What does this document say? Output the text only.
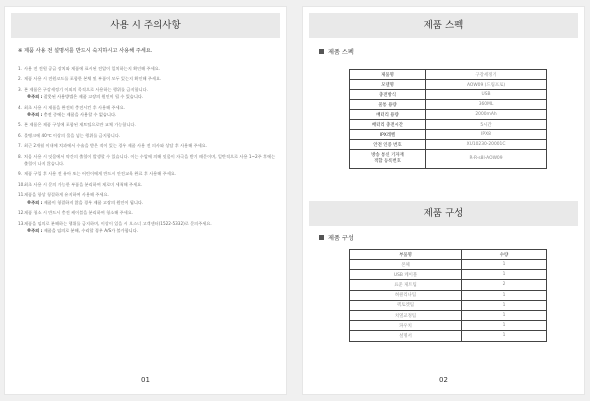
사용 시 주의사항
※ 제품 사용 전 설명서를 반드시 숙지하시고 사용해 주세요.
1. 사용 전 전원 공급 장치와 제품에 표시된 전압이 일치하는지 확인해 주세요.
2. 제품 사용 시 전원코드를 포함한 본체 및 부품이 모두 있는지 확인해 주세요.
3. 본 제품은 구강세정기 이외의 목적으로 사용하는 행위를 금지합니다.
※주의 : 잘못된 사용방법은 제품 고장의 원인이 될 수 있습니다.
4. 최초 사용 시 제품을 완전히 충전시킨 후 사용해 주세요.
※주의 : 충전 중에는 제품을 사용할 수 없습니다.
5. 본 제품은 제품 구성에 포함된 제트팁으로만 교체 가능합니다.
6. 물탱크에 40℃ 이상의 물을 넣는 행위를 금지합니다.
7. 최근 2개월 이내에 치과에서 수술을 받은 적이 있는 경우 제품 사용 전 의사와 상담 후 사용해 주세요.
8. 처음 사용 시 잇몸에서 약간의 출혈이 발생할 수 있습니다. 이는 수압에 의해 잇몸이 자극을 받기 때문이며, 일반적으로 사용 1~2주 후에는 출혈이 나지 않습니다.
9. 제품 구입 후 사용 전 유아 또는 어린이에게 반드시 안전교육 완료 후 사용해 주세요.
10. 최초 사용 시 문의 가능한 부품을 분리하여 제로미 세척해 주세요.
11. 제품을 항상 청결하게 유지하여 사용해 주세요.
※주의 : 제품이 청결하지 않을 경우 제품 고장의 원인이 됩니다.
12. 제품 청소 시 반드시 충전 케이블을 분리하여 청소해 주세요.
13. 제품을 임의로 분해하는 행위를 금지하며, 이상이 있을 시 오스너 고객센터(1522-5332)로 문의주세요.
※주의 : 제품을 임의로 분해, 수리할 경우 A/S가 불가합니다.
01
제품 스펙
제품 스펙
제품명	구강세정기
모델명	AOW09 (드림프로)
충전방식	USB
물통 용량	360ML
배터리 용량	2000mAh
배터리 충전시간	5시간
IPX레벨	IPX8
안전 인증 번호	XU10230-20001C
방송 통신 기자재
적합 등록번호	R-R-s8l-AOW09
제품 구성
제품 구성
부품명	수량
본체	1
USB 케이블	1
표준 제트팁	2
혀클리나팁	1
펙토켓팁	1
치열교정팁	1
파우치	1
설명서	1
02
